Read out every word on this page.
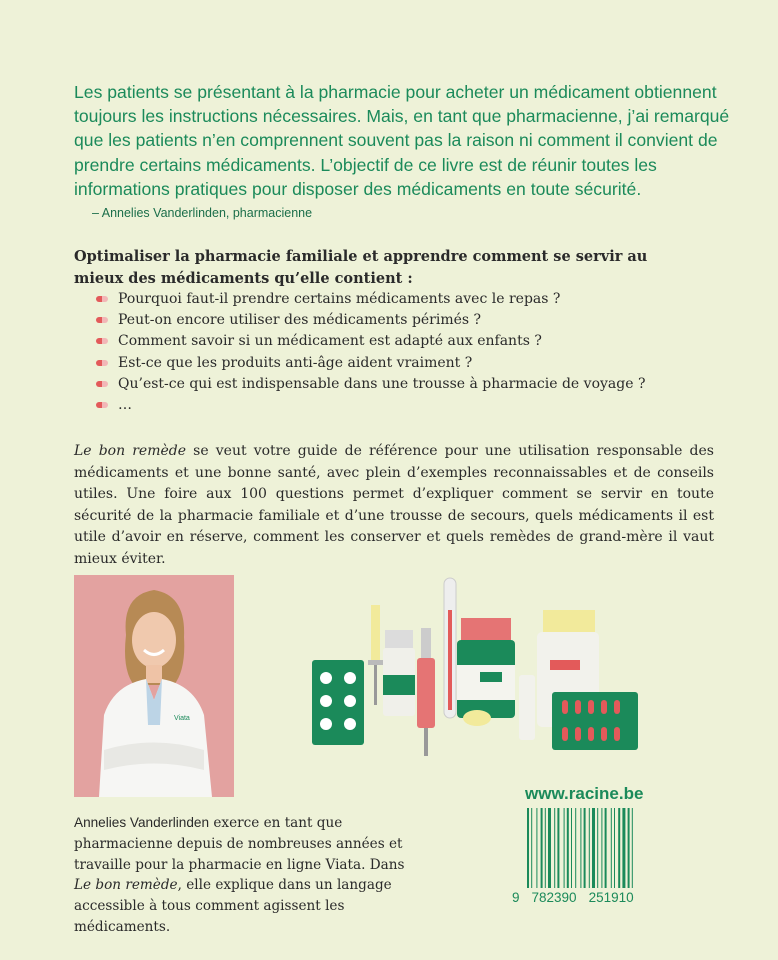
Les patients se présentant à la pharmacie pour acheter un médicament obtiennent toujours les instructions nécessaires. Mais, en tant que pharmacienne, j’ai remarqué que les patients n’en comprennent souvent pas la raison ni comment il convient de prendre certains médicaments. L’objectif de ce livre est de réunir toutes les informations pratiques pour disposer des médicaments en toute sécurité.
– Annelies Vanderlinden, pharmacienne
Optimaliser la pharmacie familiale et apprendre comment se servir au mieux des médicaments qu’elle contient :
Pourquoi faut-il prendre certains médicaments avec le repas ?
Peut-on encore utiliser des médicaments périmés ?
Comment savoir si un médicament est adapté aux enfants ?
Est-ce que les produits anti-âge aident vraiment ?
Qu’est-ce qui est indispensable dans une trousse à pharmacie de voyage ?
…
Le bon remède se veut votre guide de référence pour une utilisation responsable des médicaments et une bonne santé, avec plein d’exemples reconnaissables et de conseils utiles. Une foire aux 100 questions permet d’expliquer comment se servir en toute sécurité de la pharmacie familiale et d’une trousse de secours, quels médicaments il est utile d’avoir en réserve, comment les conserver et quels remèdes de grand-mère il vaut mieux éviter.
Viata
www.racine.be
Annelies Vanderlinden exerce en tant que pharmacienne depuis de nombreuses années et travaille pour la pharmacie en ligne Viata. Dans Le bon remède, elle explique dans un langage accessible à tous comment agissent les médicaments.
9 782390 251910
